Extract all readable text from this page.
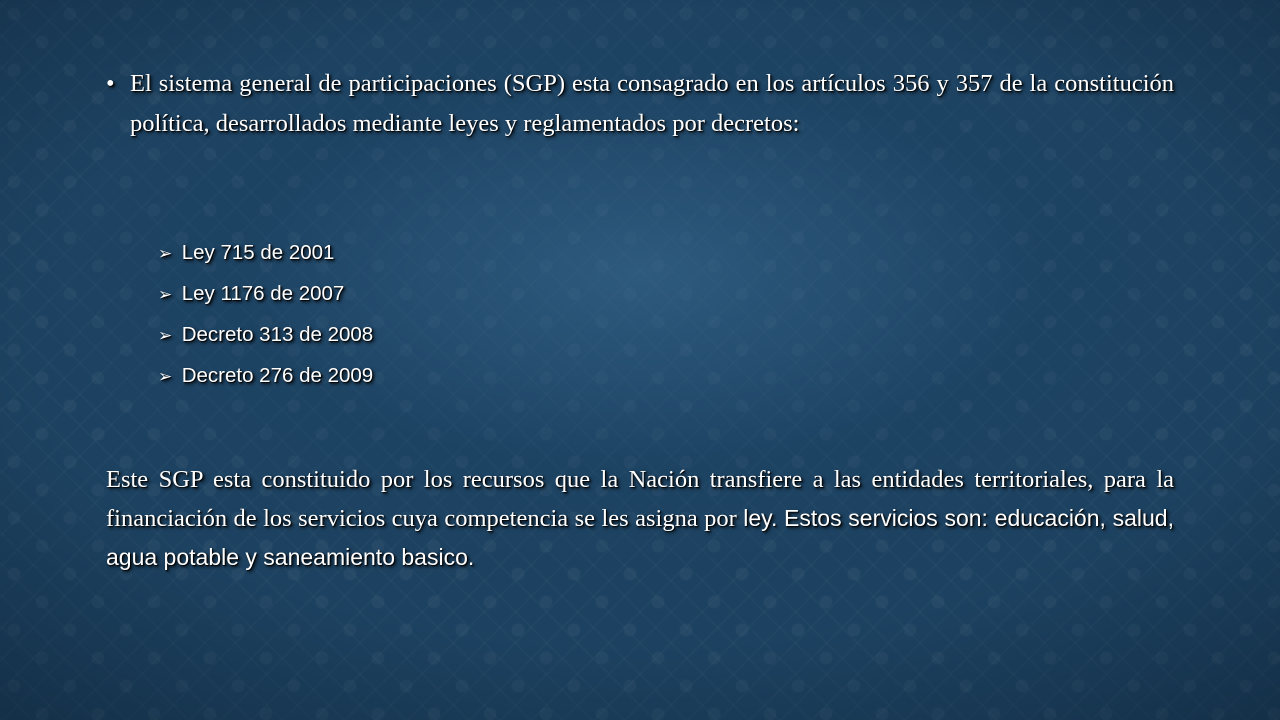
• El sistema general de participaciones (SGP) esta consagrado en los artículos 356 y 357 de la constitución política, desarrollados mediante leyes y reglamentados por decretos:
➢ Ley 715 de 2001
➢ Ley 1176 de 2007
➢ Decreto 313 de 2008
➢ Decreto 276 de 2009
Este SGP esta constituido por los recursos que la Nación transfiere a las entidades territoriales, para la financiación de los servicios cuya competencia se les asigna por ley. Estos servicios son: educación, salud, agua potable y saneamiento basico.
